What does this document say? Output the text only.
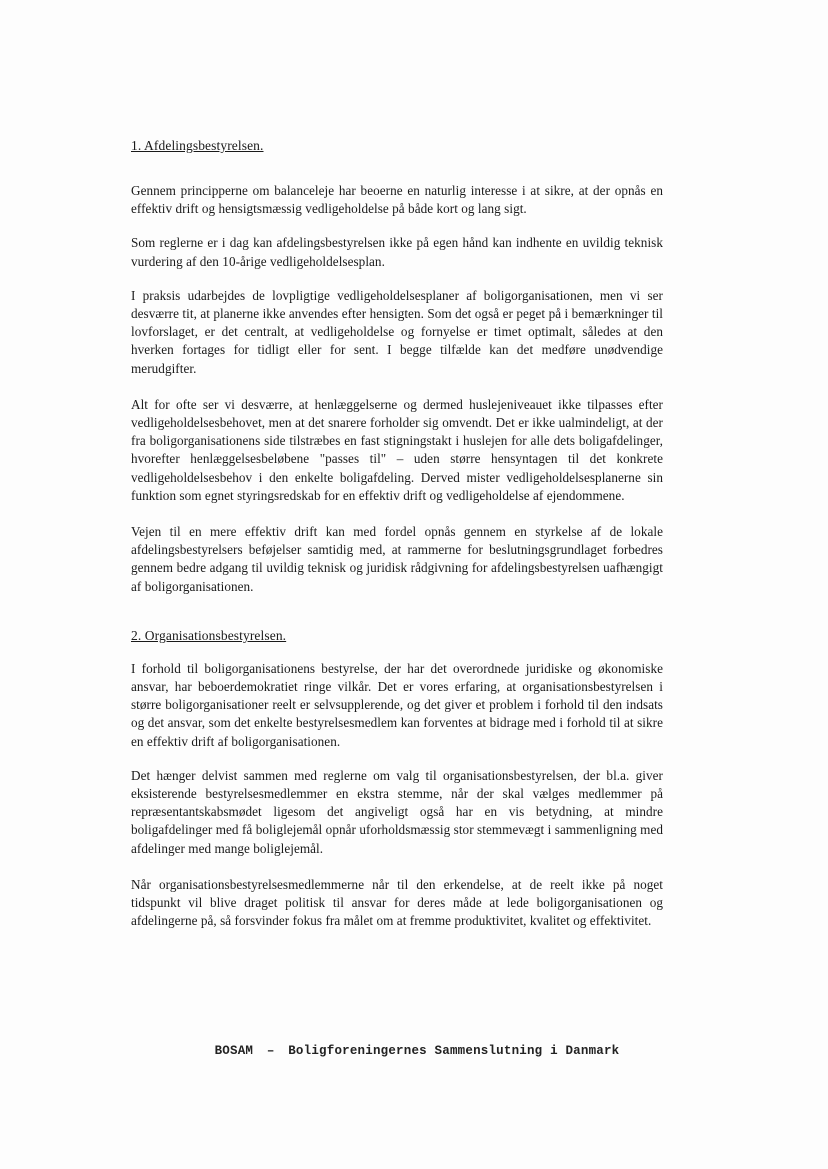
1. Afdelingsbestyrelsen.

Gennem principperne om balanceleje har beoerne en naturlig interesse i at sikre, at der opnås en effektiv drift og hensigtsmæssig vedligeholdelse på både kort og lang sigt.

Som reglerne er i dag kan afdelingsbestyrelsen ikke på egen hånd kan indhente en uvildig teknisk vurdering af den 10-årige vedligeholdelsesplan.

I praksis udarbejdes de lovpligtige vedligeholdelsesplaner af boligorganisationen, men vi ser desværre tit, at planerne ikke anvendes efter hensigten. Som det også er peget på i bemærkninger til lovforslaget, er det centralt, at vedligeholdelse og fornyelse er timet optimalt, således at den hverken fortages for tidligt eller for sent. I begge tilfælde kan det medføre unødvendige merudgifter.

Alt for ofte ser vi desværre, at henlæggelserne og dermed huslejeniveauet ikke tilpasses efter vedligeholdelsesbehovet, men at det snarere forholder sig omvendt. Det er ikke ualmindeligt, at der fra boligorganisationens side tilstræbes en fast stigningstakt i huslejen for alle dets boligafdelinger, hvorefter henlæggelsesbeløbene "passes til" – uden større hensyntagen til det konkrete vedligeholdelsesbehov i den enkelte boligafdeling. Derved mister vedligeholdelsesplanerne sin funktion som egnet styringsredskab for en effektiv drift og vedligeholdelse af ejendommene.

Vejen til en mere effektiv drift kan med fordel opnås gennem en styrkelse af de lokale afdelingsbestyrelsers beføjelser samtidig med, at rammerne for beslutningsgrundlaget forbedres gennem bedre adgang til uvildig teknisk og juridisk rådgivning for afdelingsbestyrelsen uafhængigt af boligorganisationen.

2. Organisationsbestyrelsen.

I forhold til boligorganisationens bestyrelse, der har det overordnede juridiske og økonomiske ansvar, har beboerdemokratiet ringe vilkår. Det er vores erfaring, at organisationsbestyrelsen i større boligorganisationer reelt er selvsupplerende, og det giver et problem i forhold til den indsats og det ansvar, som det enkelte bestyrelsesmedlem kan forventes at bidrage med i forhold til at sikre en effektiv drift af boligorganisationen.

Det hænger delvist sammen med reglerne om valg til organisationsbestyrelsen, der bl.a. giver eksisterende bestyrelsesmedlemmer en ekstra stemme, når der skal vælges medlemmer på repræsentantskabsmødet ligesom det angiveligt også har en vis betydning, at mindre boligafdelinger med få boliglejemål opnår uforholdsmæssig stor stemmevægt i sammenligning med afdelinger med mange boliglejemål.

Når organisationsbestyrelsesmedlemmerne når til den erkendelse, at de reelt ikke på noget tidspunkt vil blive draget politisk til ansvar for deres måde at lede boligorganisationen og afdelingerne på, så forsvinder fokus fra målet om at fremme produktivitet, kvalitet og effektivitet.

BOSAM – Boligforeningernes Sammenslutning i Danmark
